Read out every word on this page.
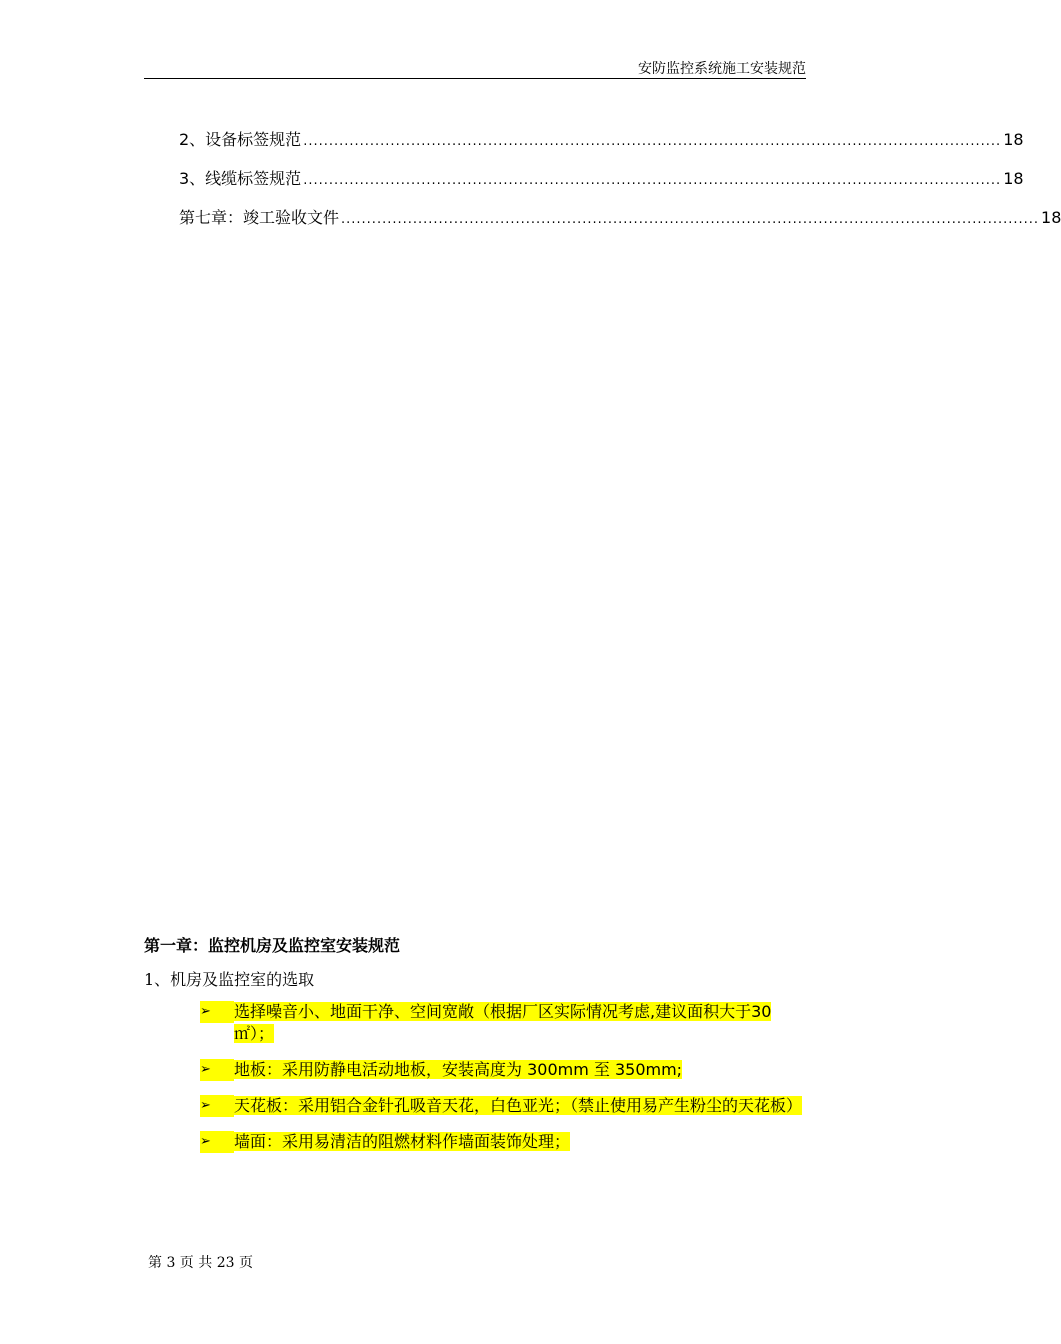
安防监控系统施工安装规范
2、设备标签规范 ........................................................................................................................................ 18
3、线缆标签规范 ........................................................................................................................................ 18
第七章：竣工验收文件 ........................................................................................................................................ 18
第一章：监控机房及监控室安装规范
1、机房及监控室的选取
➢	选择噪音小、地面干净、空间宽敞（根据厂区实际情况考虑,建议面积大于30㎡）；
➢	地板：采用防静电活动地板，安装高度为 300mm 至 350mm;
➢	天花板：采用铝合金针孔吸音天花，白色亚光；（禁止使用易产生粉尘的天花板）
➢	墙面：采用易清洁的阻燃材料作墙面装饰处理；
第 3 页 共 23 页
